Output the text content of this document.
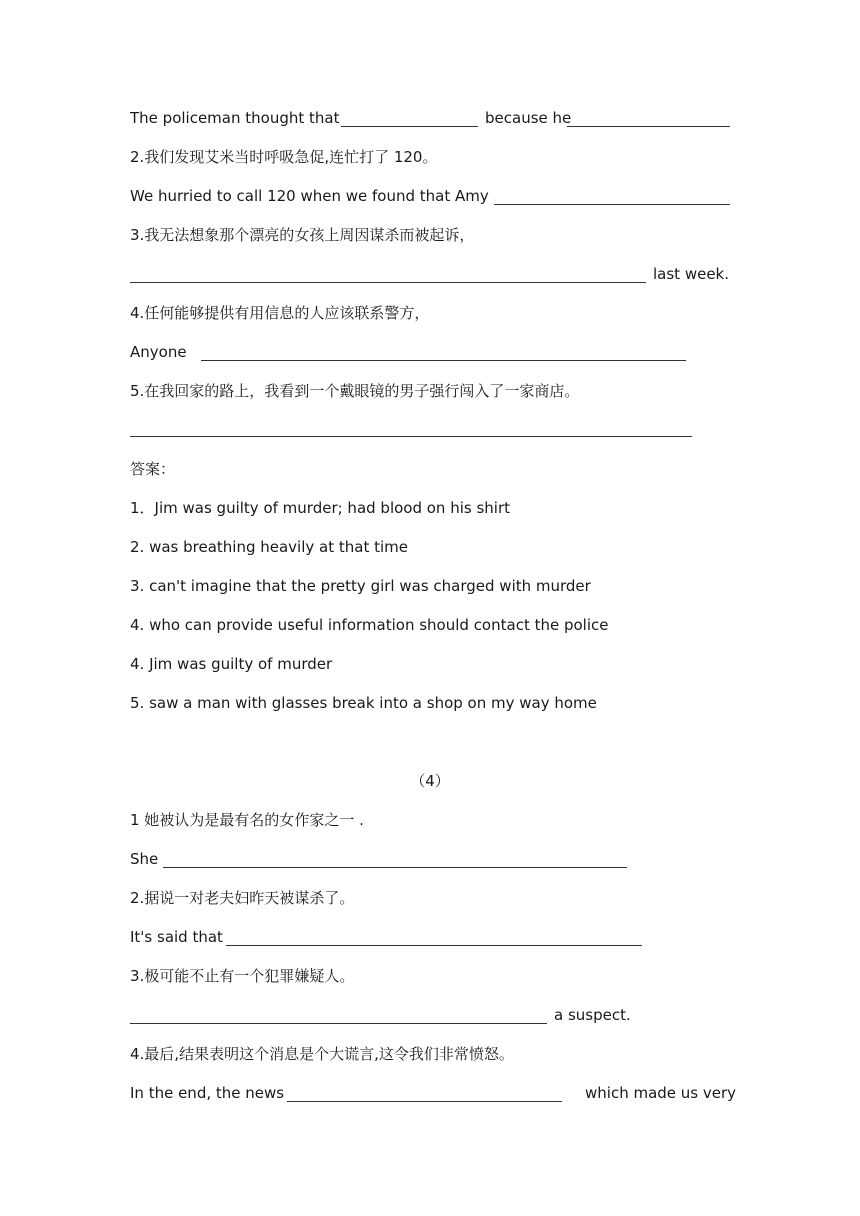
The policeman thought that	because he
2.我们发现艾米当时呼吸急促,连忙打了 120。
We hurried to call 120 when we found that Amy
3.我无法想象那个漂亮的女孩上周因谋杀而被起诉，
last week.
4.任何能够提供有用信息的人应该联系警方，
Anyone
5.在我回家的路上，我看到一个戴眼镜的男子强行闯入了一家商店。
答案：
1．Jim was guilty of murder; had blood on his shirt
2. was breathing heavily at that time
3. can't imagine that the pretty girl was charged with murder
4. who can provide useful information should contact the police
4. Jim was guilty of murder
5. saw a man with glasses break into a shop on my way home
（4）
1 她被认为是最有名的女作家之一 .
She
2.据说一对老夫妇昨天被谋杀了。
It's said that
3.极可能不止有一个犯罪嫌疑人。
a suspect.
4.最后,结果表明这个消息是个大谎言,这令我们非常愤怒。
In the end, the news	which made us very
